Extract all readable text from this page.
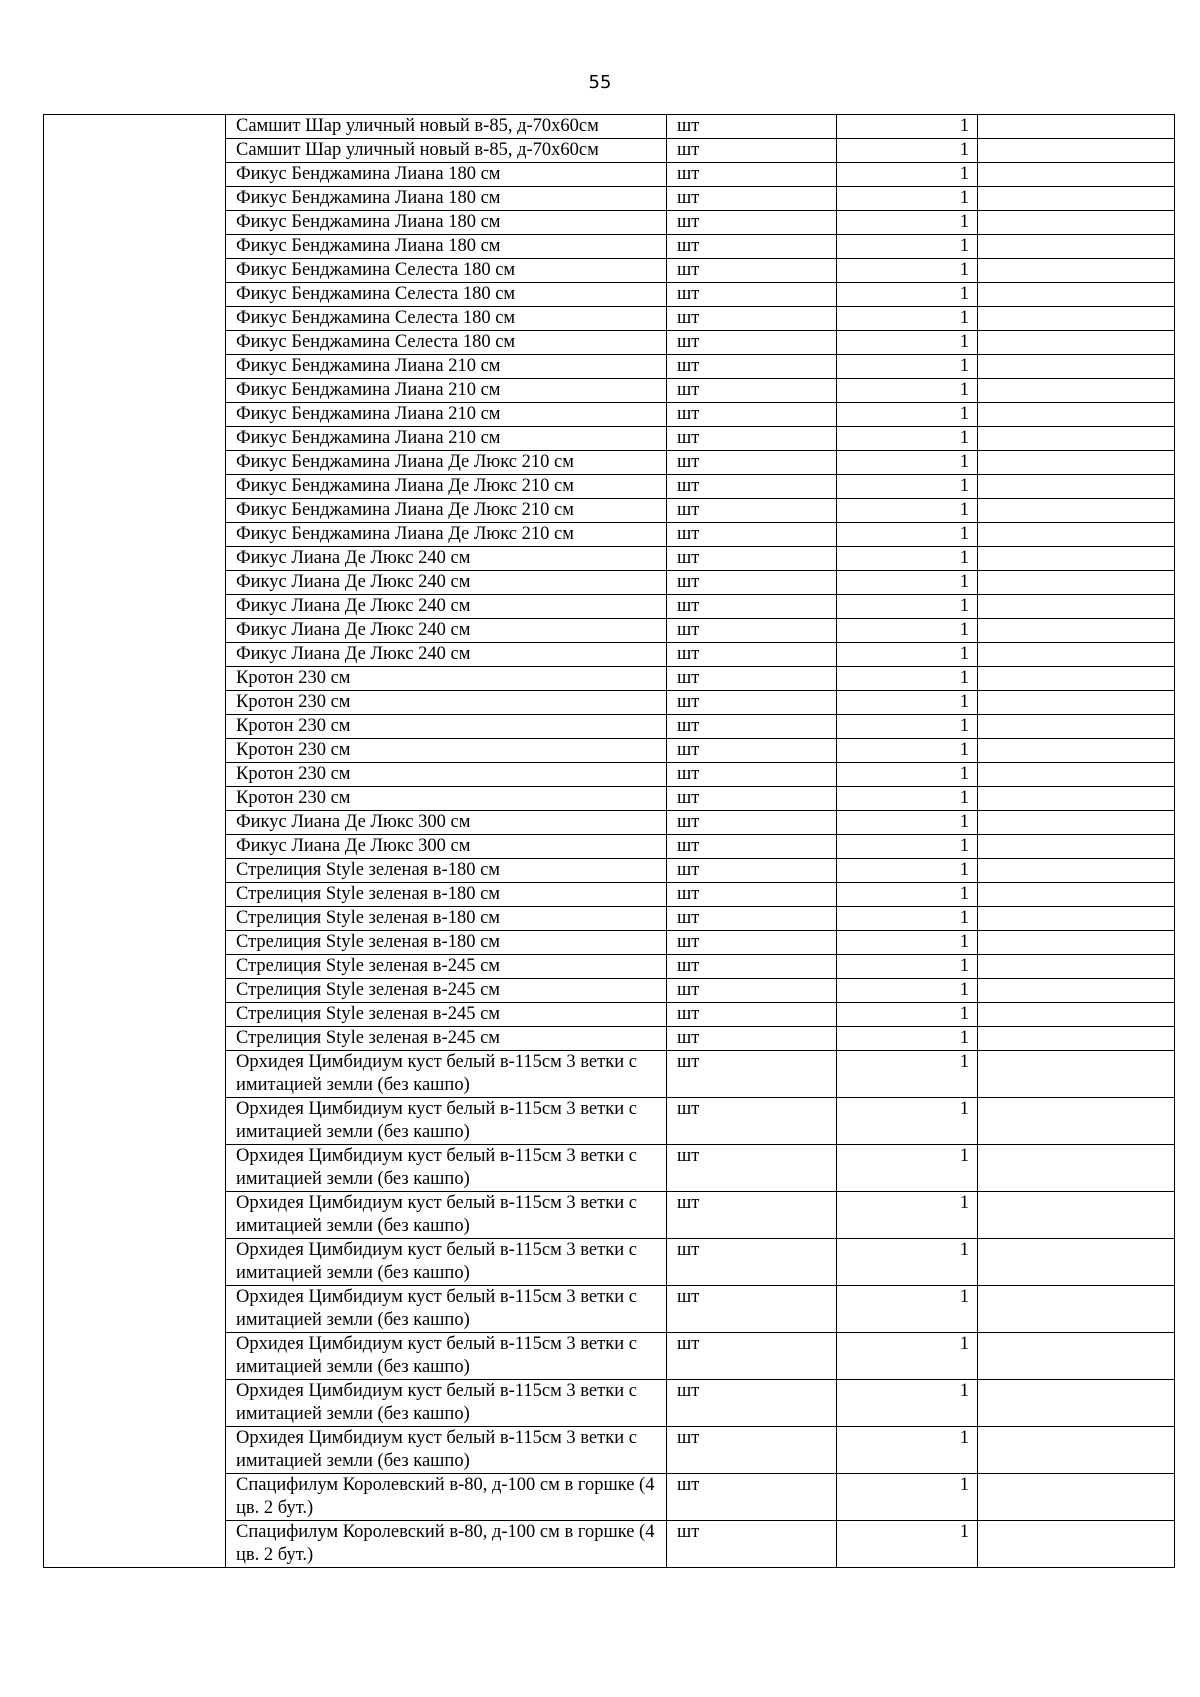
55
	Самшит Шар уличный новый в-85, д-70х60см	шт	1	
	Самшит Шар уличный новый в-85, д-70х60см	шт	1	
	Фикус Бенджамина Лиана 180 см	шт	1	
	Фикус Бенджамина Лиана 180 см	шт	1	
	Фикус Бенджамина Лиана 180 см	шт	1	
	Фикус Бенджамина Лиана 180 см	шт	1	
	Фикус Бенджамина Селеста 180 см	шт	1	
	Фикус Бенджамина Селеста 180 см	шт	1	
	Фикус Бенджамина Селеста 180 см	шт	1	
	Фикус Бенджамина Селеста 180 см	шт	1	
	Фикус Бенджамина Лиана 210 см	шт	1	
	Фикус Бенджамина Лиана 210 см	шт	1	
	Фикус Бенджамина Лиана 210 см	шт	1	
	Фикус Бенджамина Лиана 210 см	шт	1	
	Фикус Бенджамина Лиана Де Люкс 210 см	шт	1	
	Фикус Бенджамина Лиана Де Люкс 210 см	шт	1	
	Фикус Бенджамина Лиана Де Люкс 210 см	шт	1	
	Фикус Бенджамина Лиана Де Люкс 210 см	шт	1	
	Фикус Лиана Де Люкс 240 см	шт	1	
	Фикус Лиана Де Люкс 240 см	шт	1	
	Фикус Лиана Де Люкс 240 см	шт	1	
	Фикус Лиана Де Люкс 240 см	шт	1	
	Фикус Лиана Де Люкс 240 см	шт	1	
	Кротон 230 см	шт	1	
	Кротон 230 см	шт	1	
	Кротон 230 см	шт	1	
	Кротон 230 см	шт	1	
	Кротон 230 см	шт	1	
	Кротон 230 см	шт	1	
	Фикус Лиана Де Люкс 300 см	шт	1	
	Фикус Лиана Де Люкс 300 см	шт	1	
	Стрелиция Style зеленая в-180 см	шт	1	
	Стрелиция Style зеленая в-180 см	шт	1	
	Стрелиция Style зеленая в-180 см	шт	1	
	Стрелиция Style зеленая в-180 см	шт	1	
	Стрелиция Style зеленая в-245 см	шт	1	
	Стрелиция Style зеленая в-245 см	шт	1	
	Стрелиция Style зеленая в-245 см	шт	1	
	Стрелиция Style зеленая в-245 см	шт	1	
	Орхидея Цимбидиум куст белый в-115см 3 ветки с имитацией земли (без кашпо)	шт	1	
	Орхидея Цимбидиум куст белый в-115см 3 ветки с имитацией земли (без кашпо)	шт	1	
	Орхидея Цимбидиум куст белый в-115см 3 ветки с имитацией земли (без кашпо)	шт	1	
	Орхидея Цимбидиум куст белый в-115см 3 ветки с имитацией земли (без кашпо)	шт	1	
	Орхидея Цимбидиум куст белый в-115см 3 ветки с имитацией земли (без кашпо)	шт	1	
	Орхидея Цимбидиум куст белый в-115см 3 ветки с имитацией земли (без кашпо)	шт	1	
	Орхидея Цимбидиум куст белый в-115см 3 ветки с имитацией земли (без кашпо)	шт	1	
	Орхидея Цимбидиум куст белый в-115см 3 ветки с имитацией земли (без кашпо)	шт	1	
	Орхидея Цимбидиум куст белый в-115см 3 ветки с имитацией земли (без кашпо)	шт	1	
	Спацифилум Королевский в-80, д-100 см в горшке (4 цв. 2 бут.)	шт	1	
	Спацифилум Королевский в-80, д-100 см в горшке (4 цв. 2 бут.)	шт	1	
